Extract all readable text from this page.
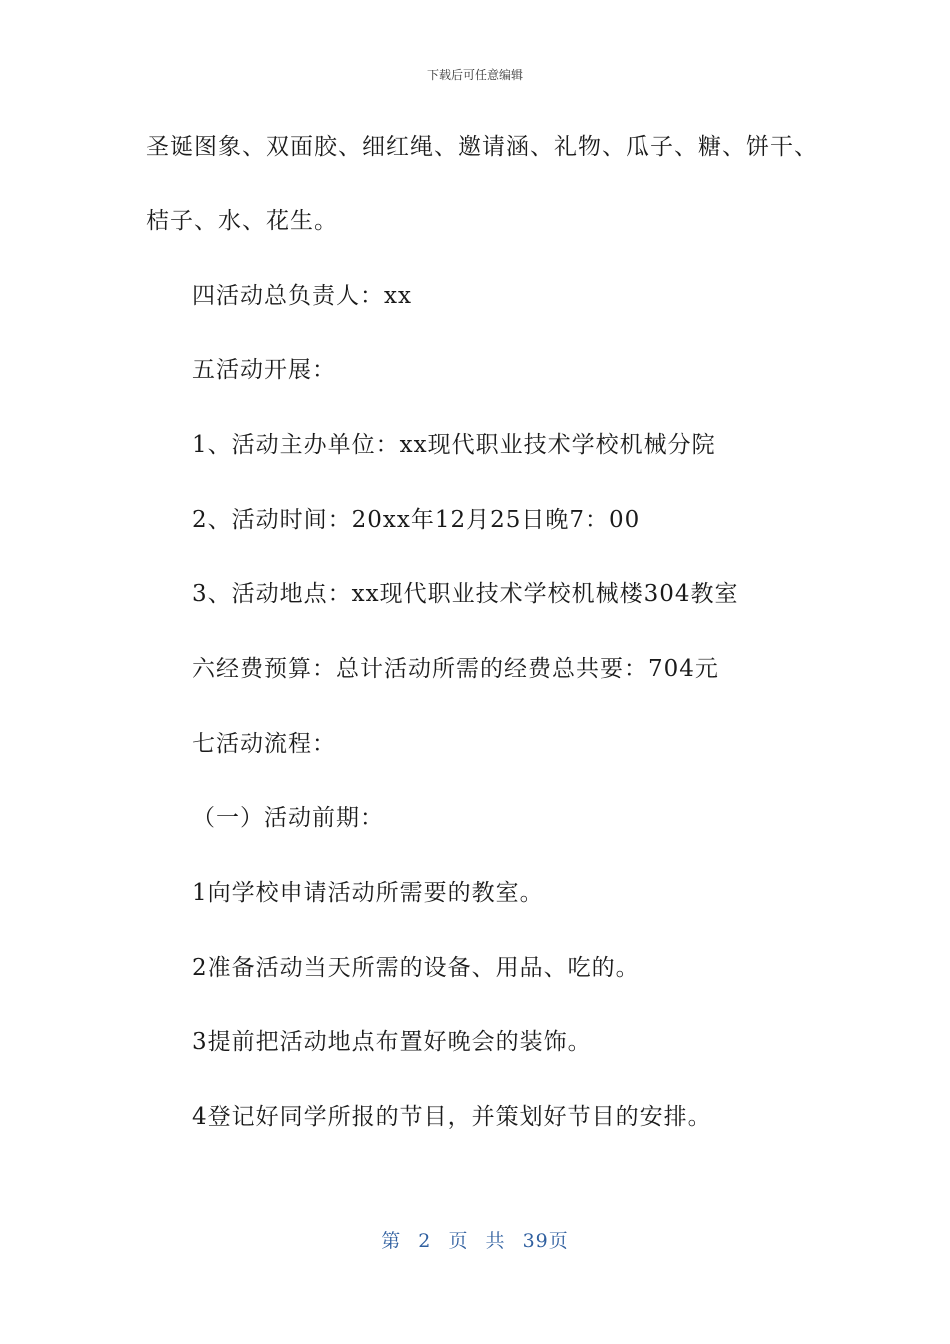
下载后可任意编辑
圣诞图象、双面胶、细红绳、邀请涵、礼物、瓜子、糖、饼干、
桔子、水、花生。
四活动总负责人：xx
五活动开展：
1、活动主办单位：xx现代职业技术学校机械分院
2、活动时间：20xx年12月25日晚7：00
3、活动地点：xx现代职业技术学校机械楼304教室
六经费预算：总计活动所需的经费总共要：704元
七活动流程：
（一）活动前期：
1向学校申请活动所需要的教室。
2准备活动当天所需的设备、用品、吃的。
3提前把活动地点布置好晚会的装饰。
4登记好同学所报的节目，并策划好节目的安排。
第 2 页 共 39页
